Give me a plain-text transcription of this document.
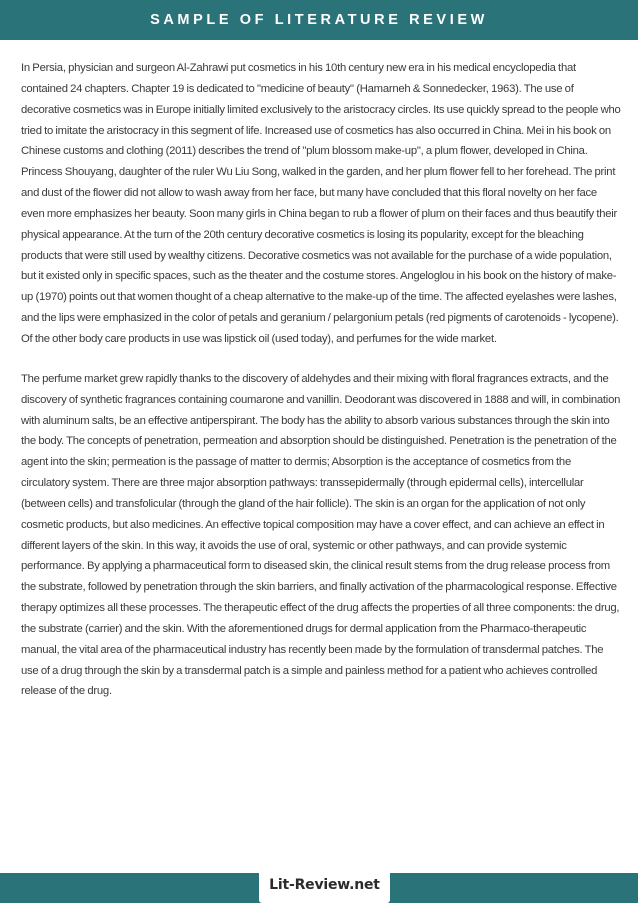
SAMPLE OF LITERATURE REVIEW

In Persia, physician and surgeon Al-Zahrawi put cosmetics in his 10th century new era in his medical encyclopedia that contained 24 chapters. Chapter 19 is dedicated to "medicine of beauty" (Hamarneh & Sonnedecker, 1963). The use of decorative cosmetics was in Europe initially limited exclusively to the aristocracy circles. Its use quickly spread to the people who tried to imitate the aristocracy in this segment of life. Increased use of cosmetics has also occurred in China. Mei in his book on Chinese customs and clothing (2011) describes the trend of "plum blossom make-up", a plum flower, developed in China. Princess Shouyang, daughter of the ruler Wu Liu Song, walked in the garden, and her plum flower fell to her forehead. The print and dust of the flower did not allow to wash away from her face, but many have concluded that this floral novelty on her face even more emphasizes her beauty. Soon many girls in China began to rub a flower of plum on their faces and thus beautify their physical appearance. At the turn of the 20th century decorative cosmetics is losing its popularity, except for the bleaching products that were still used by wealthy citizens. Decorative cosmetics was not available for the purchase of a wide population, but it existed only in specific spaces, such as the theater and the costume stores. Angeloglou in his book on the history of make-up (1970) points out that women thought of a cheap alternative to the make-up of the time. The affected eyelashes were lashes, and the lips were emphasized in the color of petals and geranium / pelargonium petals (red pigments of carotenoids - lycopene). Of the other body care products in use was lipstick oil (used today), and perfumes for the wide market.

The perfume market grew rapidly thanks to the discovery of aldehydes and their mixing with floral fragrances extracts, and the discovery of synthetic fragrances containing coumarone and vanillin. Deodorant was discovered in 1888 and will, in combination with aluminum salts, be an effective antiperspirant. The body has the ability to absorb various substances through the skin into the body. The concepts of penetration, permeation and absorption should be distinguished. Penetration is the penetration of the agent into the skin; permeation is the passage of matter to dermis; Absorption is the acceptance of cosmetics from the circulatory system. There are three major absorption pathways: transsepidermally (through epidermal cells), intercellular (between cells) and transfolicular (through the gland of the hair follicle). The skin is an organ for the application of not only cosmetic products, but also medicines. An effective topical composition may have a cover effect, and can achieve an effect in different layers of the skin. In this way, it avoids the use of oral, systemic or other pathways, and can provide systemic performance. By applying a pharmaceutical form to diseased skin, the clinical result stems from the drug release process from the substrate, followed by penetration through the skin barriers, and finally activation of the pharmacological response. Effective therapy optimizes all these processes. The therapeutic effect of the drug affects the properties of all three components: the drug, the substrate (carrier) and the skin. With the aforementioned drugs for dermal application from the Pharmaco-therapeutic manual, the vital area of the pharmaceutical industry has recently been made by the formulation of transdermal patches. The use of a drug through the skin by a transdermal patch is a simple and painless method for a patient who achieves controlled release of the drug.

Lit-Review.net
